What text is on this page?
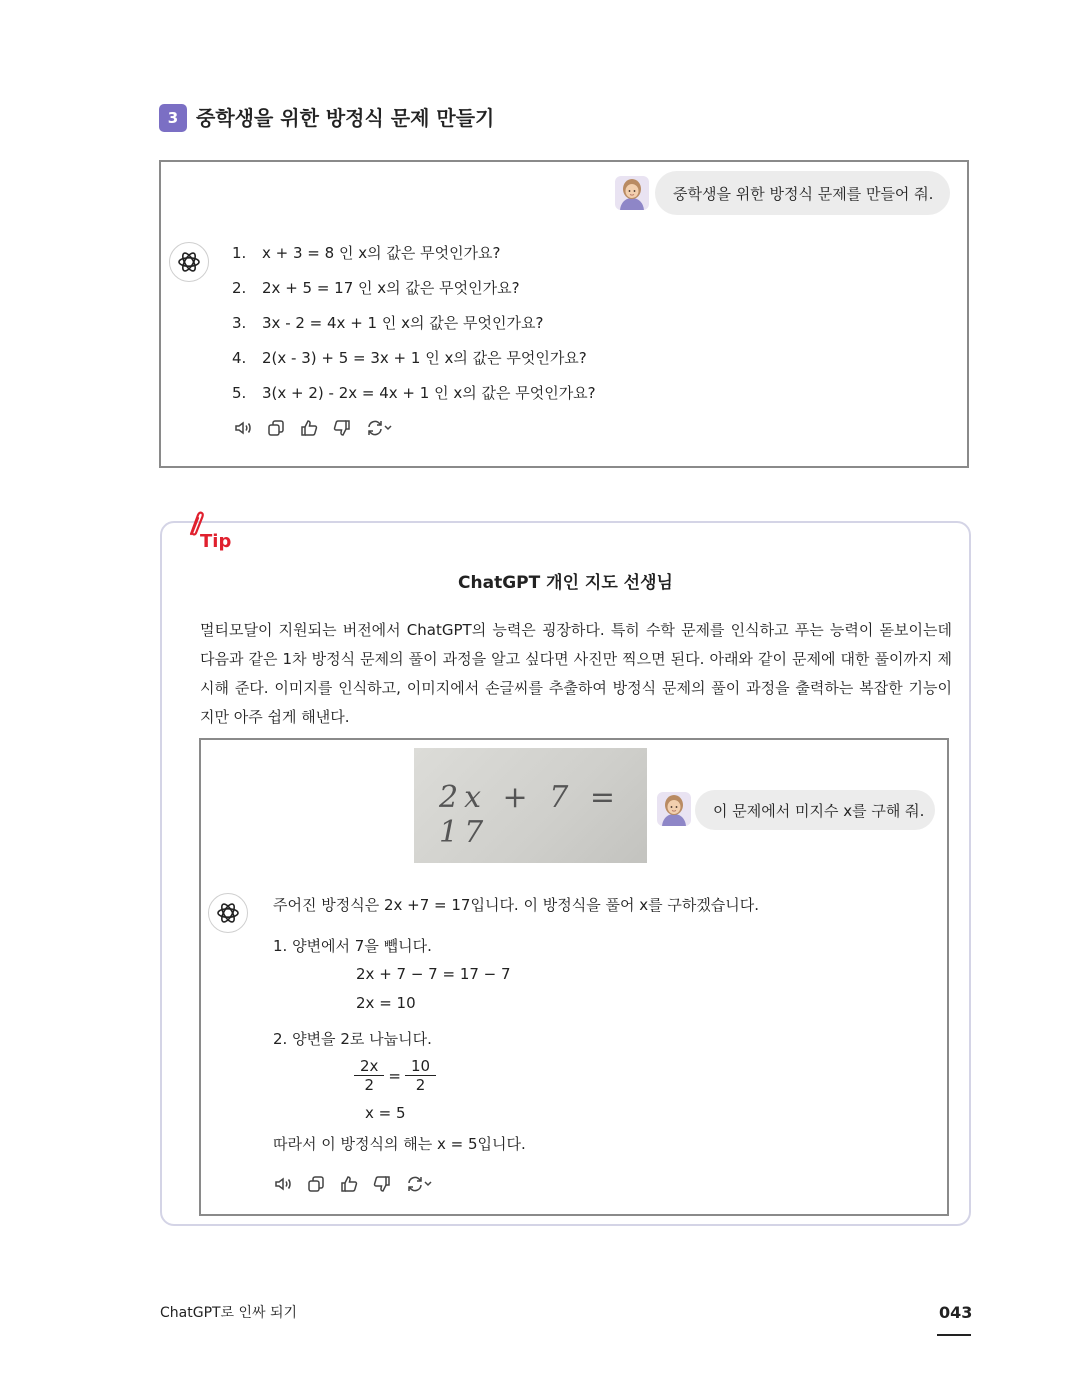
3 중학생을 위한 방정식 문제 만들기
중학생을 위한 방정식 문제를 만들어 줘.
1. x + 3 = 8 인 x의 값은 무엇인가요?
2. 2x + 5 = 17 인 x의 값은 무엇인가요?
3. 3x - 2 = 4x + 1 인 x의 값은 무엇인가요?
4. 2(x - 3) + 5 = 3x + 1 인 x의 값은 무엇인가요?
5. 3(x + 2) - 2x = 4x + 1 인 x의 값은 무엇인가요?
Tip
ChatGPT 개인 지도 선생님
멀티모달이 지원되는 버전에서 ChatGPT의 능력은 굉장하다. 특히 수학 문제를 인식하고 푸는 능력이 돋보이는데 다음과 같은 1차 방정식 문제의 풀이 과정을 알고 싶다면 사진만 찍으면 된다. 아래와 같이 문제에 대한 풀이까지 제시해 준다. 이미지를 인식하고, 이미지에서 손글씨를 추출하여 방정식 문제의 풀이 과정을 출력하는 복잡한 기능이지만 아주 쉽게 해낸다.
2x + 7 = 17
이 문제에서 미지수 x를 구해 줘.
주어진 방정식은 2x +7 = 17입니다. 이 방정식을 풀어 x를 구하겠습니다.
1. 양변에서 7을 뺍니다.
2x + 7 − 7 = 17 − 7
2x = 10
2. 양변을 2로 나눕니다.
$\frac{2x}{2} = \frac{10}{2}$
x = 5
따라서 이 방정식의 해는 x = 5입니다.
ChatGPT로 인싸 되기	043
